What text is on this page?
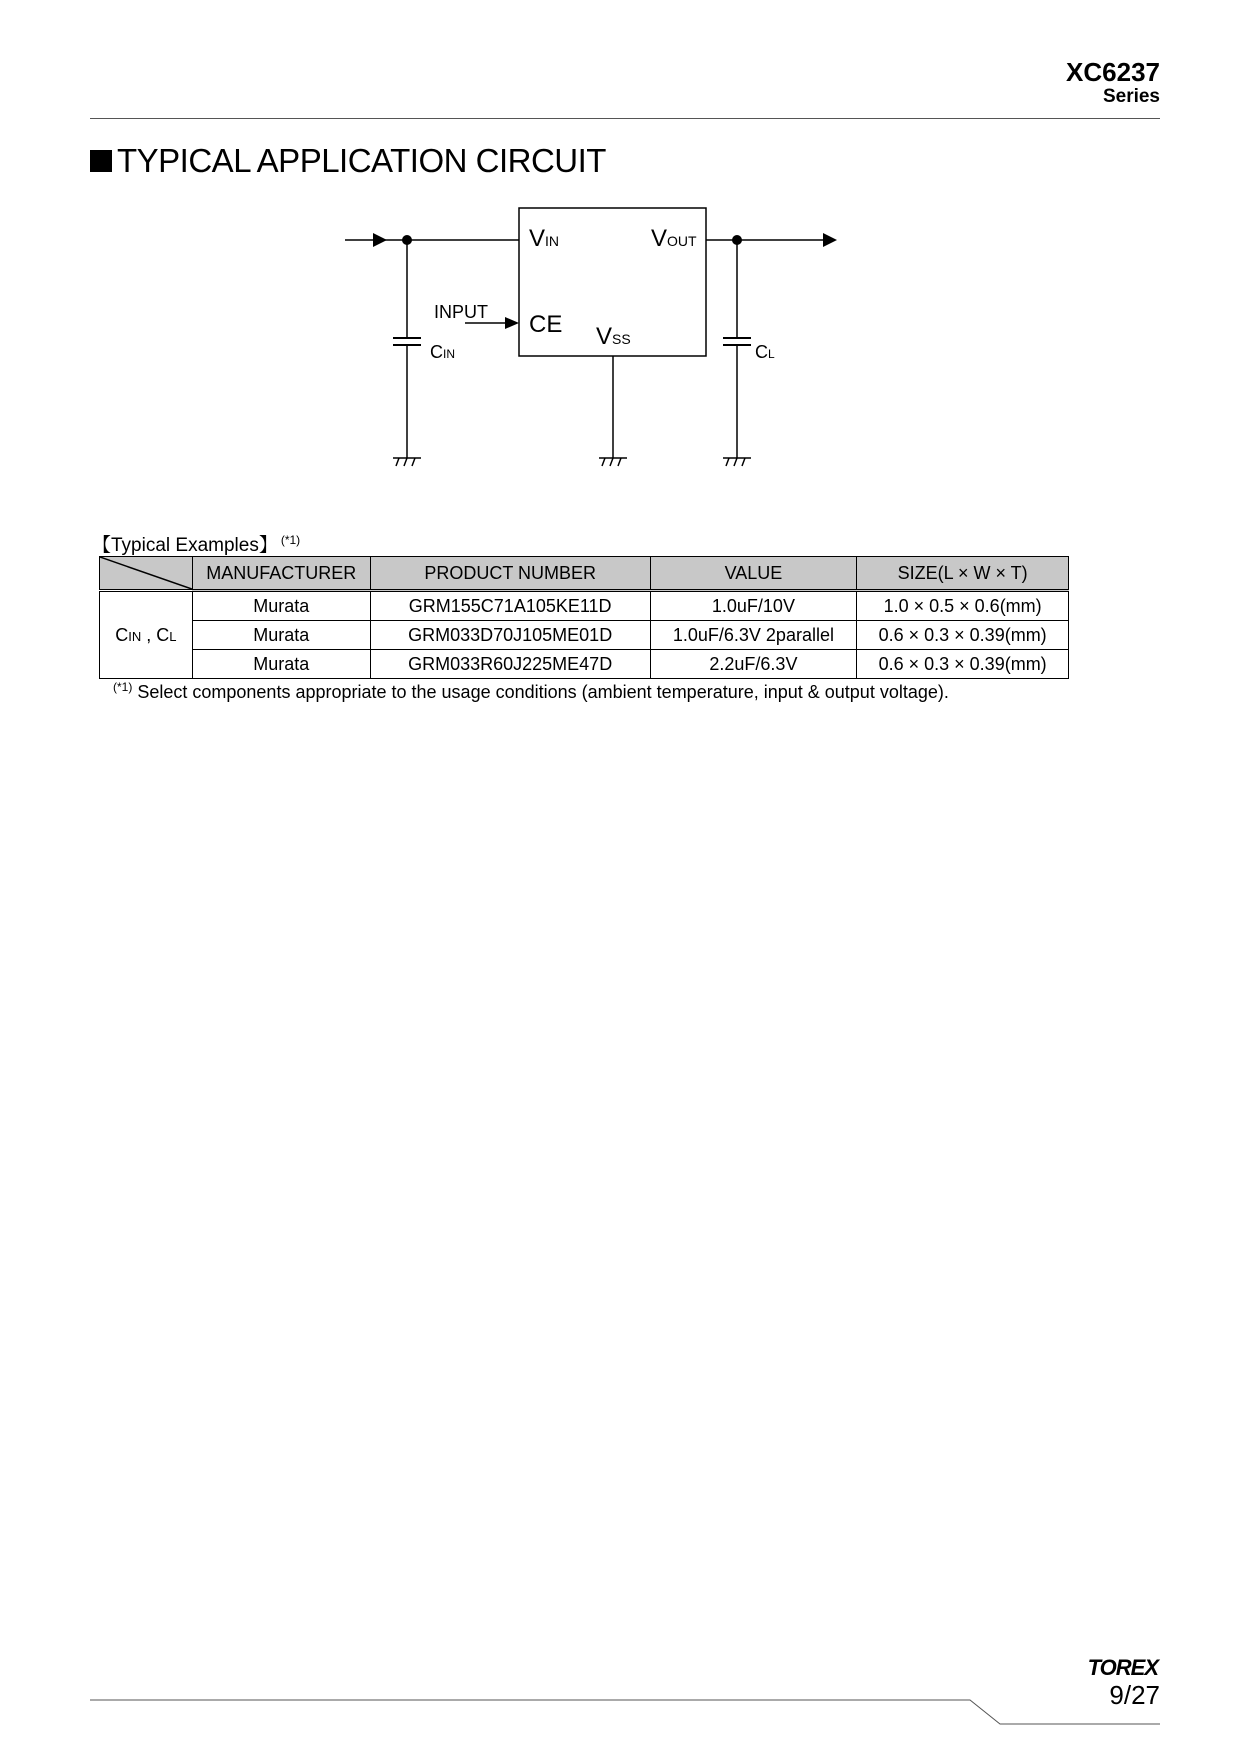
XC6237
Series
TYPICAL APPLICATION CIRCUIT
VIN	VOUT
CE VSS
INPUT
CIN	CL
【Typical Examples】 $^{(*1)}$
	MANUFACTURER	PRODUCT NUMBER	VALUE	SIZE(L × W × T)
CIN , CL	Murata	GRM155C71A105KE11D	1.0uF/10V	1.0 × 0.5 × 0.6(mm)
	Murata	GRM033D70J105ME01D	1.0uF/6.3V 2parallel	0.6 × 0.3 × 0.39(mm)
	Murata	GRM033R60J225ME47D	2.2uF/6.3V	0.6 × 0.3 × 0.39(mm)
$^{(*1)}$ Select components appropriate to the usage conditions (ambient temperature, input & output voltage).
TOREX
9/27
